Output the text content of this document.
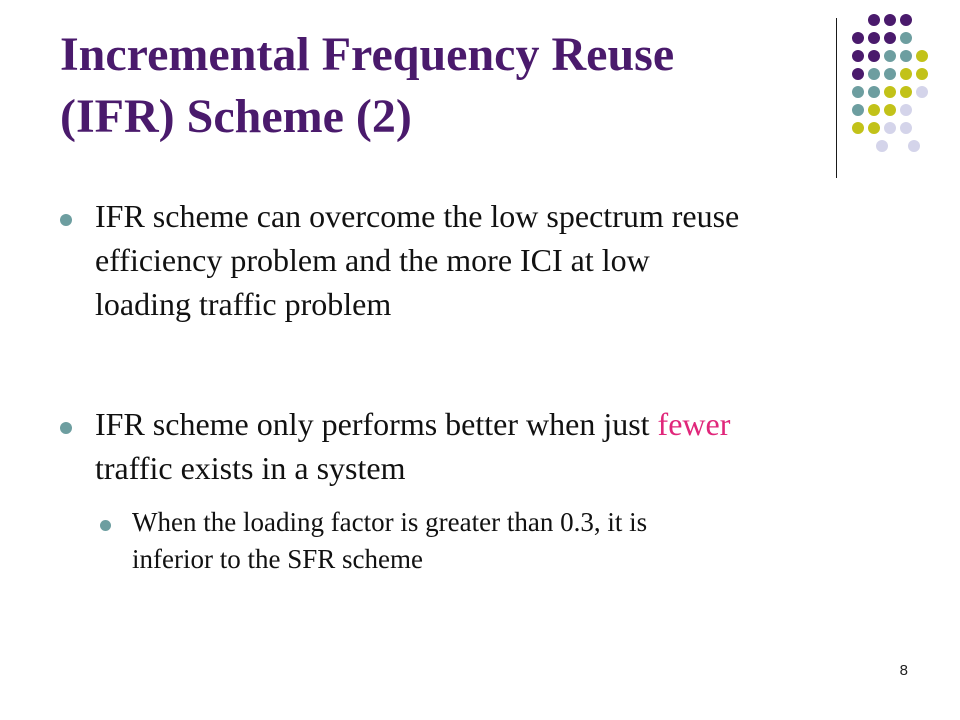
Incremental Frequency Reuse
(IFR) Scheme (2)
IFR scheme can overcome the low spectrum reuse
efficiency problem and the more ICI at low
loading traffic problem
IFR scheme only performs better when just fewer
traffic exists in a system
When the loading factor is greater than 0.3, it is
inferior to the SFR scheme
8
